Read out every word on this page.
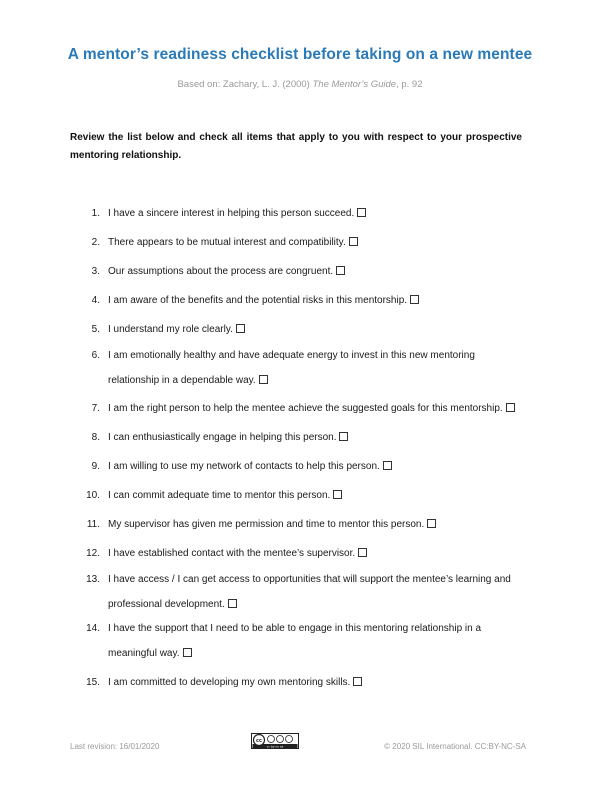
A mentor’s readiness checklist before taking on a new mentee
Based on: Zachary, L. J. (2000) The Mentor’s Guide, p. 92
Review the list below and check all items that apply to you with respect to your prospective mentoring relationship.
1. I have a sincere interest in helping this person succeed.
2. There appears to be mutual interest and compatibility.
3. Our assumptions about the process are congruent.
4. I am aware of the benefits and the potential risks in this mentorship.
5. I understand my role clearly.
6. I am emotionally healthy and have adequate energy to invest in this new mentoring relationship in a dependable way.
7. I am the right person to help the mentee achieve the suggested goals for this mentorship.
8. I can enthusiastically engage in helping this person.
9. I am willing to use my network of contacts to help this person.
10. I can commit adequate time to mentor this person.
11. My supervisor has given me permission and time to mentor this person.
12. I have established contact with the mentee’s supervisor.
13. I have access / I can get access to opportunities that will support the mentee’s learning and professional development.
14. I have the support that I need to be able to engage in this mentoring relationship in a meaningful way.
15. I am committed to developing my own mentoring skills.
Last revision: 16/01/2020
cc
cc by nc sa	© 2020 SIL International. CC:BY-NC-SA
